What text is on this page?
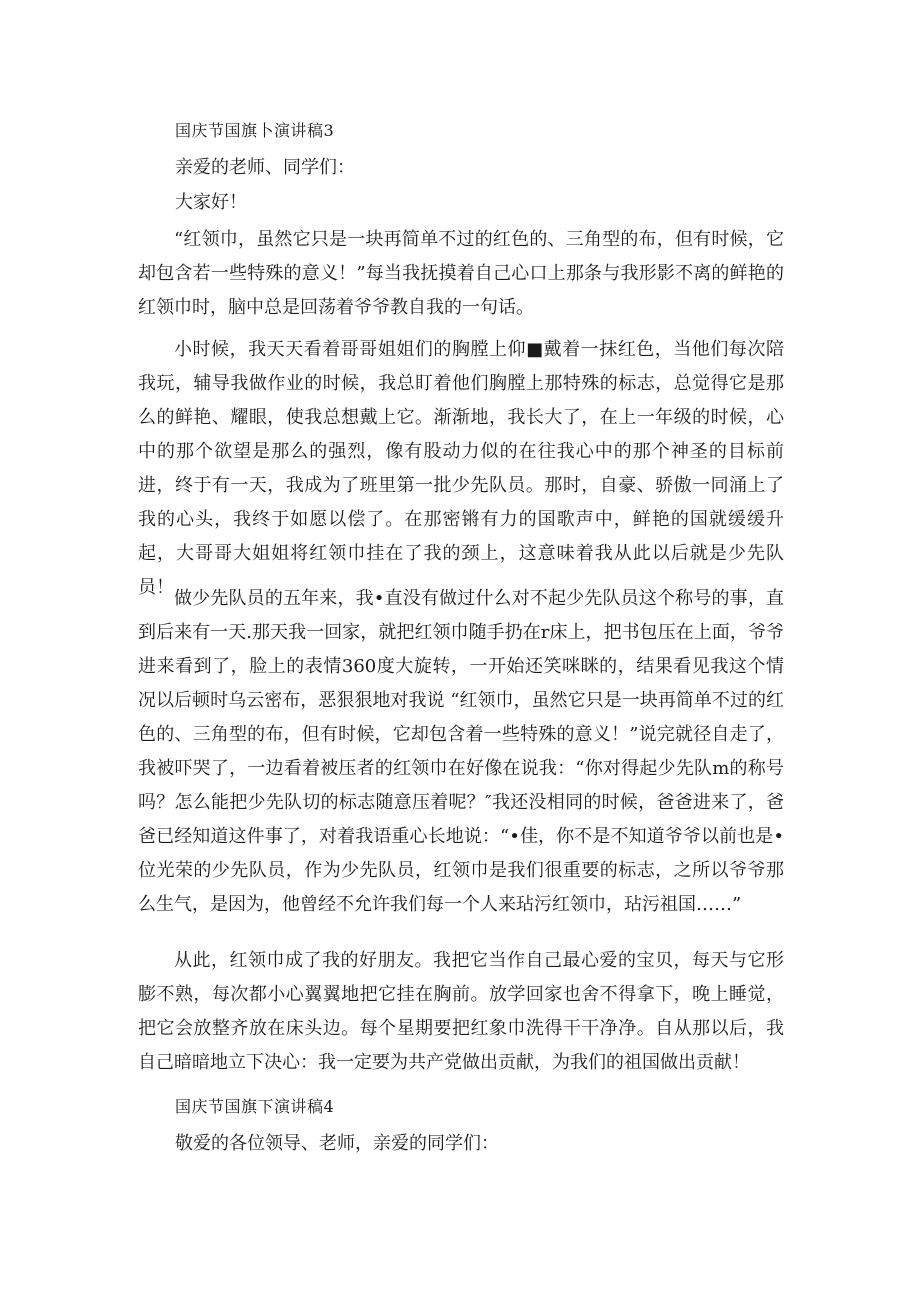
国庆节国旗卜演讲稿3

亲爱的老师、同学们：

大家好！

“红领巾，虽然它只是一块再简单不过的红色的、三角型的布，但有时候，它却包含若一些特殊的意义！”每当我抚摸着自己心口上那条与我形影不离的鲜艳的红领巾时，脑中总是回荡着爷爷教自我的一句话。

小时候，我天天看着哥哥姐姐们的胸膛上仰■戴着一抹红色，当他们每次陪我玩，辅导我做作业的时候，我总盯着他们胸膛上那特殊的标志，总觉得它是那么的鲜艳、耀眼，使我总想戴上它。渐渐地，我长大了，在上一年级的时候，心中的那个欲望是那么的强烈，像有股动力似的在往我心中的那个神圣的目标前进，终于有一天，我成为了班里第一批少先队员。那时，自豪、骄傲一同涌上了我的心头，我终于如愿以偿了。在那密锵有力的国歌声中，鲜艳的国就缓缓升起，大哥哥大姐姐将红领巾挂在了我的颈上，这意味着我从此以后就是少先队员！

做少先队员的五年来，我•直没有做过什么对不起少先队员这个称号的事，直到后来有一天.那天我一回家，就把红领巾随手扔在r床上，把书包压在上面，爷爷进来看到了，脸上的表情360度大旋转，一开始还笑咪眯的，结果看见我这个情况以后顿时乌云密布，恶狠狠地对我说 “红领巾，虽然它只是一块再简单不过的红色的、三角型的布，但有时候，它却包含着一些特殊的意义！”说完就径自走了，我被吓哭了，一边看着被压者的红领巾在好像在说我：“你对得起少先队m的称号吗？怎么能把少先队切的标志随意压着呢？″我还没相同的时候，爸爸进来了，爸爸已经知道这件事了，对着我语重心长地说：“•佳，你不是不知道爷爷以前也是•位光荣的少先队员，作为少先队员，红领巾是我们很重要的标志，之所以爷爷那么生气，是因为，他曾经不允许我们每一个人来玷污红领巾，玷污祖国……”

从此，红领巾成了我的好朋友。我把它当作自己最心爱的宝贝，每天与它形膨不熟，每次都小心翼翼地把它挂在胸前。放学回家也舍不得拿下，晚上睡觉，把它会放整齐放在床头边。每个星期要把红象巾洗得干干净净。自从那以后，我自己暗暗地立下决心：我一定要为共产党做出贡献，为我们的祖国做出贡献！

国庆节国旗下演讲稿4

敬爱的各位领导、老师，亲爱的同学们：
